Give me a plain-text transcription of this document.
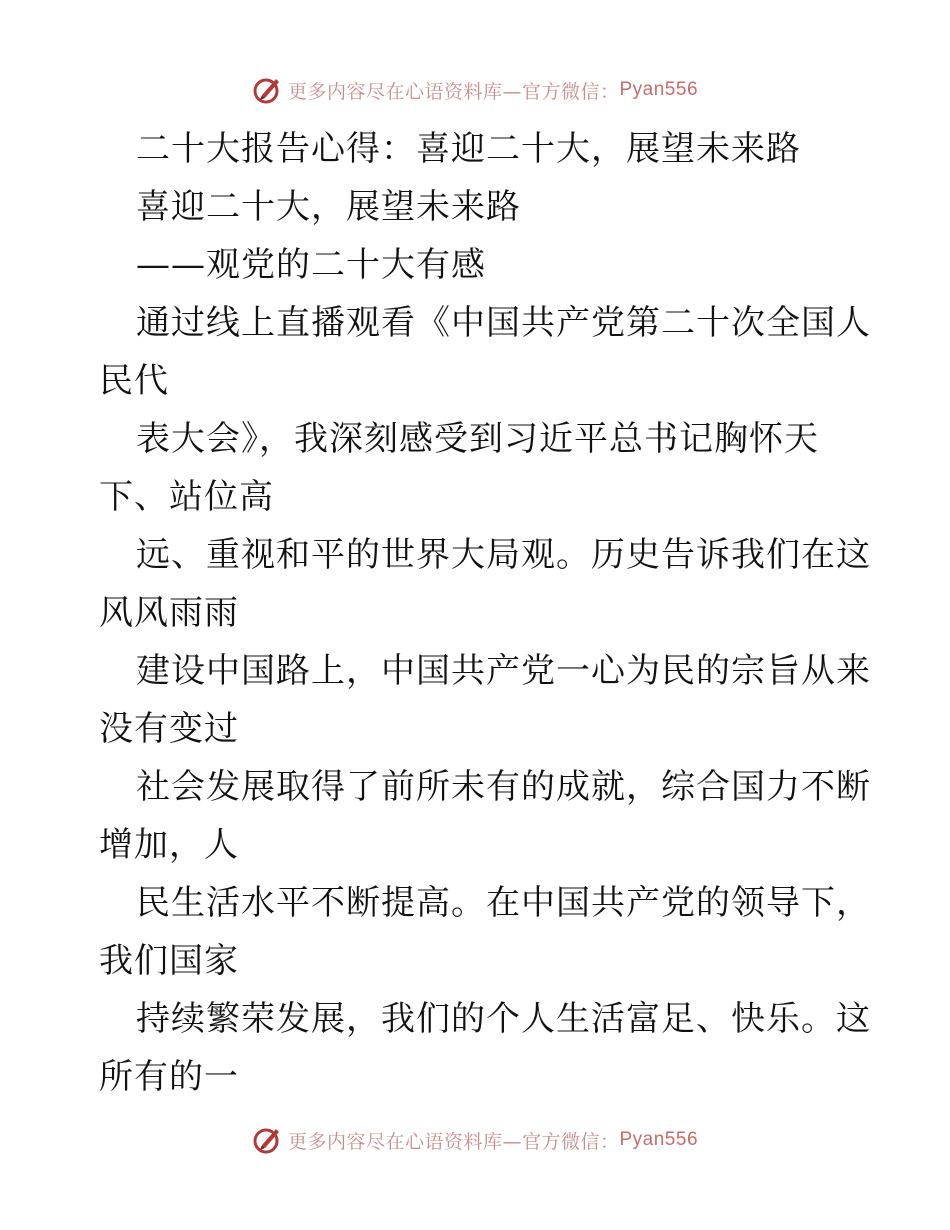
更多内容尽在心语资料库—官方微信： Pyan556
二十大报告心得：喜迎二十大，展望未来路
喜迎二十大，展望未来路
——观党的二十大有感
通过线上直播观看《中国共产党第二十次全国人
民代
表大会》，我深刻感受到习近平总书记胸怀天
下、站位高
远、重视和平的世界大局观。历史告诉我们在这
风风雨雨
建设中国路上，中国共产党一心为民的宗旨从来
没有变过
社会发展取得了前所未有的成就，综合国力不断
增加，人
民生活水平不断提高。在中国共产党的领导下，
我们国家
持续繁荣发展，我们的个人生活富足、快乐。这
所有的一
更多内容尽在心语资料库—官方微信： Pyan556
